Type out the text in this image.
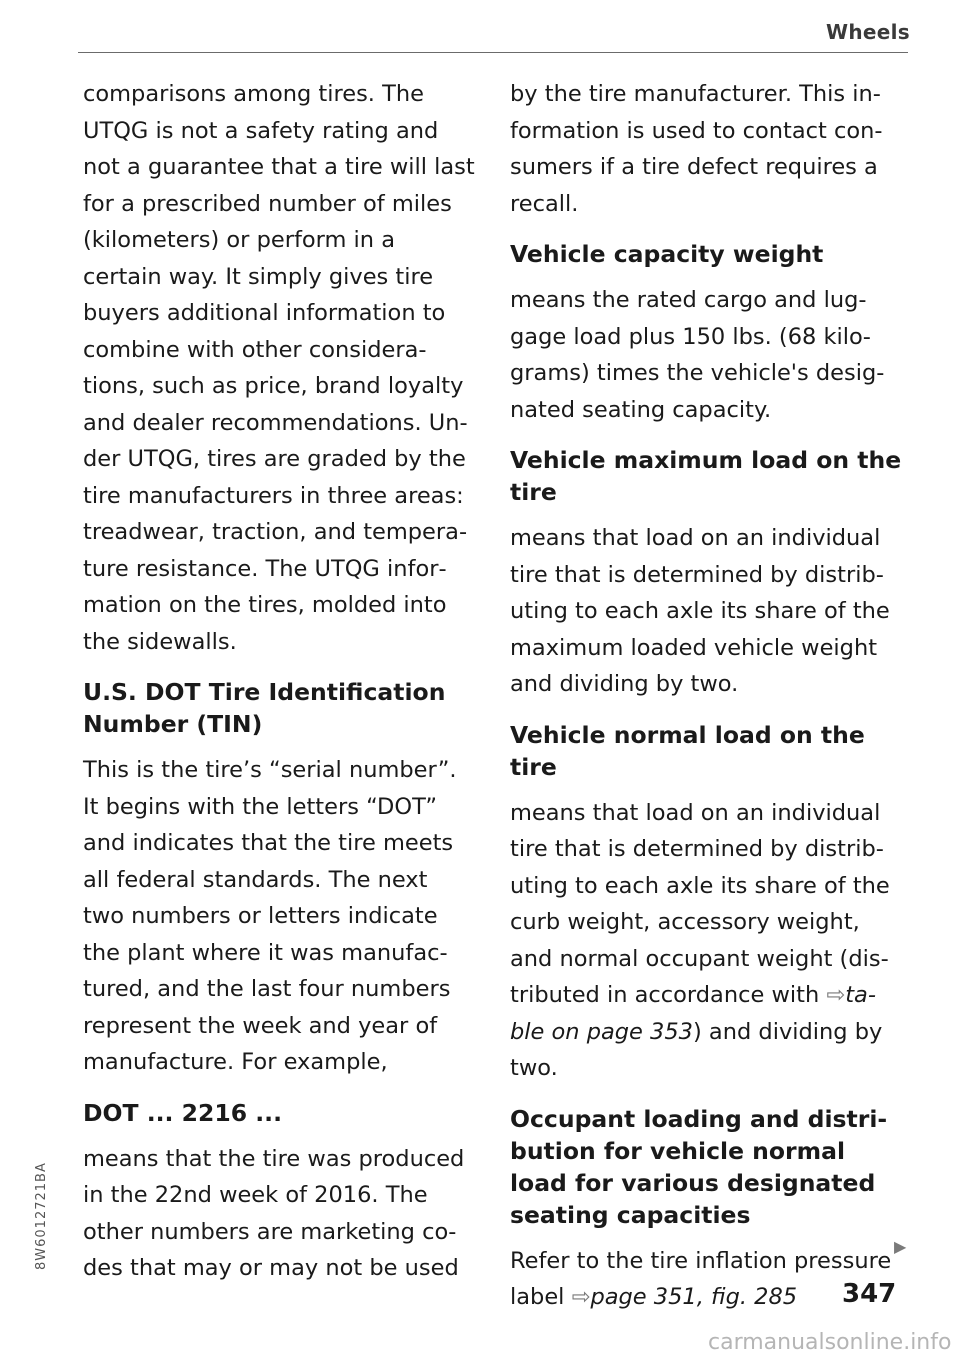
Wheels

comparisons among tires. The UTQG is not a safety rating and not a guarantee that a tire will last for a prescribed number of miles (kilometers) or perform in a certain way. It simply gives tire buyers additional information to combine with other considerations, such as price, brand loyalty and dealer recommendations. Under UTQG, tires are graded by the tire manufacturers in three areas: treadwear, traction, and temperature resistance. The UTQG information on the tires, molded into the sidewalls.

U.S. DOT Tire Identification Number (TIN)

This is the tire’s “serial number”. It begins with the letters “DOT” and indicates that the tire meets all federal standards. The next two numbers or letters indicate the plant where it was manufactured, and the last four numbers represent the week and year of manufacture. For example,

DOT ... 2216 ...

means that the tire was produced in the 22nd week of 2016. The other numbers are marketing codes that may or may not be used

by the tire manufacturer. This information is used to contact consumers if a tire defect requires a recall.

Vehicle capacity weight

means the rated cargo and luggage load plus 150 lbs. (68 kilograms) times the vehicle's designated seating capacity.

Vehicle maximum load on the tire

means that load on an individual tire that is determined by distributing to each axle its share of the maximum loaded vehicle weight and dividing by two.

Vehicle normal load on the tire

means that load on an individual tire that is determined by distributing to each axle its share of the curb weight, accessory weight, and normal occupant weight (distributed in accordance with ⇨table on page 353) and dividing by two.

Occupant loading and distribution for vehicle normal load for various designated seating capacities

Refer to the tire inflation pressure label ⇨page 351, fig. 285

▶
347
8W6012721BA
carmanualsonline.info
